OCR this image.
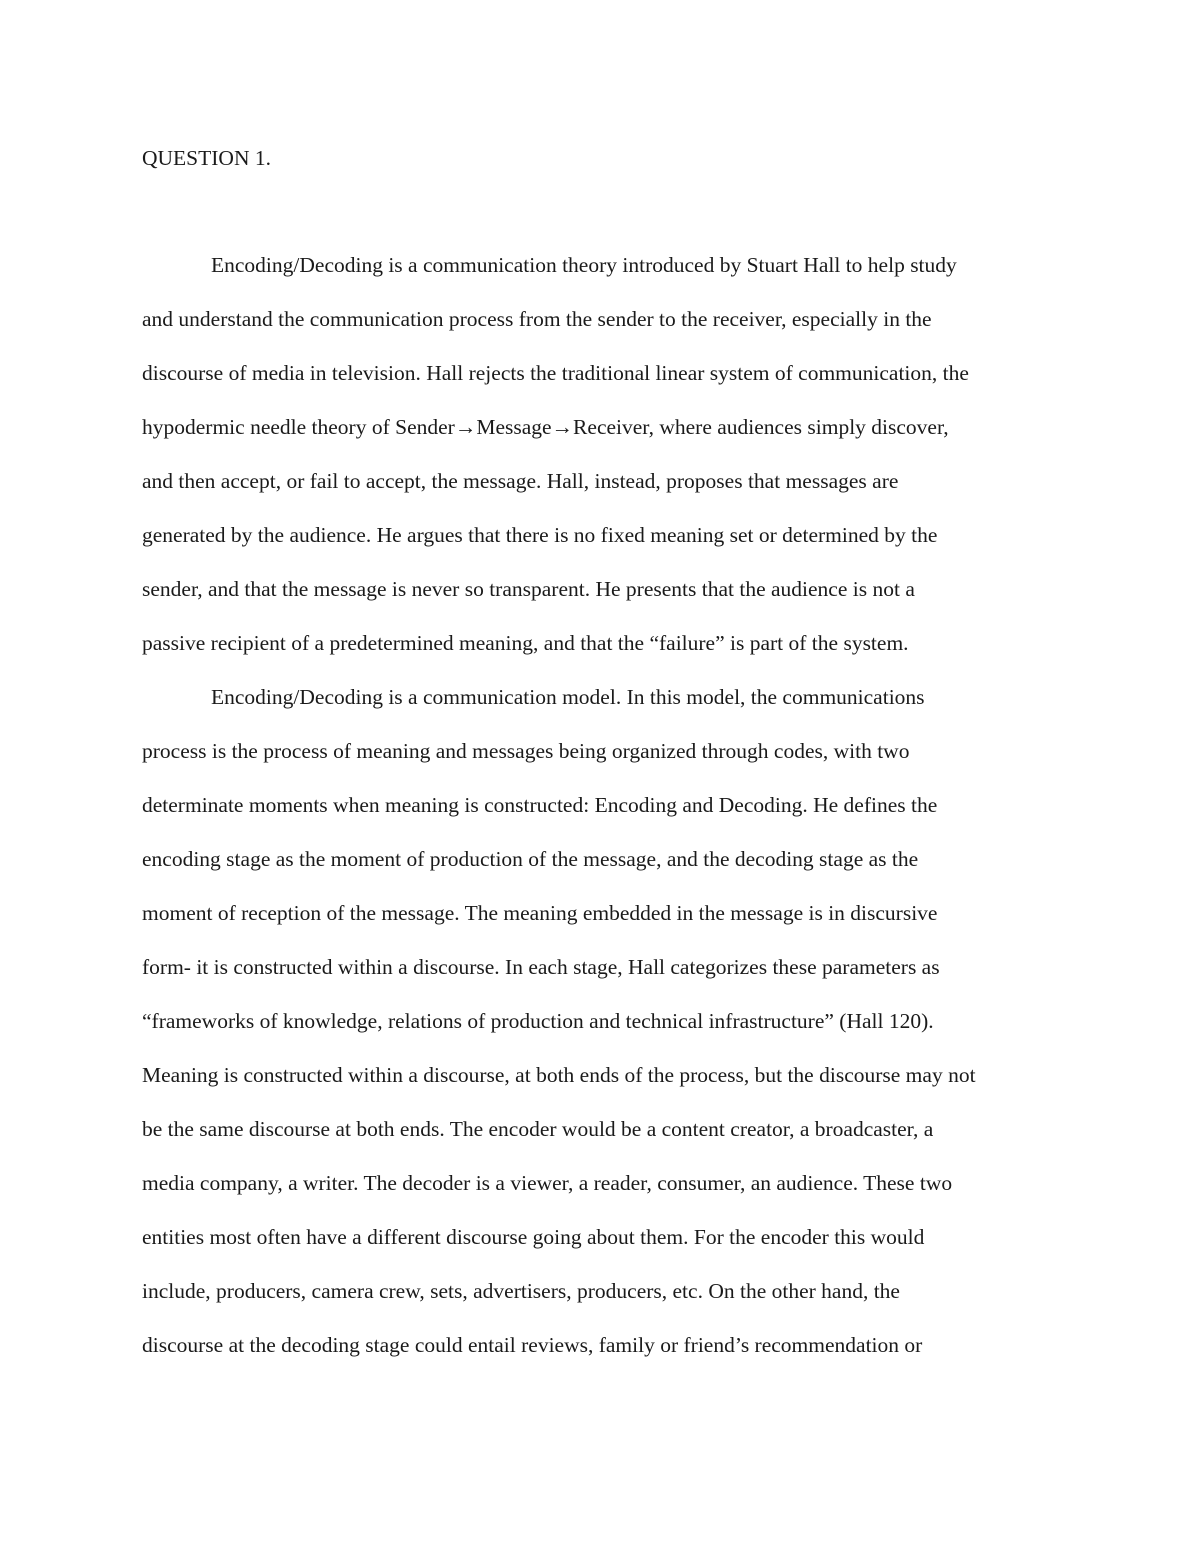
QUESTION 1.
Encoding/Decoding is a communication theory introduced by Stuart Hall to help study
and understand the communication process from the sender to the receiver, especially in the
discourse of media in television. Hall rejects the traditional linear system of communication, the
hypodermic needle theory of Sender→Message→Receiver, where audiences simply discover,
and then accept, or fail to accept, the message. Hall, instead, proposes that messages are
generated by the audience. He argues that there is no fixed meaning set or determined by the
sender, and that the message is never so transparent. He presents that the audience is not a
passive recipient of a predetermined meaning, and that the “failure” is part of the system.
Encoding/Decoding is a communication model. In this model, the communications
process is the process of meaning and messages being organized through codes, with two
determinate moments when meaning is constructed: Encoding and Decoding. He defines the
encoding stage as the moment of production of the message, and the decoding stage as the
moment of reception of the message. The meaning embedded in the message is in discursive
form- it is constructed within a discourse. In each stage, Hall categorizes these parameters as
“frameworks of knowledge, relations of production and technical infrastructure” (Hall 120).
Meaning is constructed within a discourse, at both ends of the process, but the discourse may not
be the same discourse at both ends. The encoder would be a content creator, a broadcaster, a
media company, a writer. The decoder is a viewer, a reader, consumer, an audience. These two
entities most often have a different discourse going about them. For the encoder this would
include, producers, camera crew, sets, advertisers, producers, etc. On the other hand, the
discourse at the decoding stage could entail reviews, family or friend’s recommendation or
